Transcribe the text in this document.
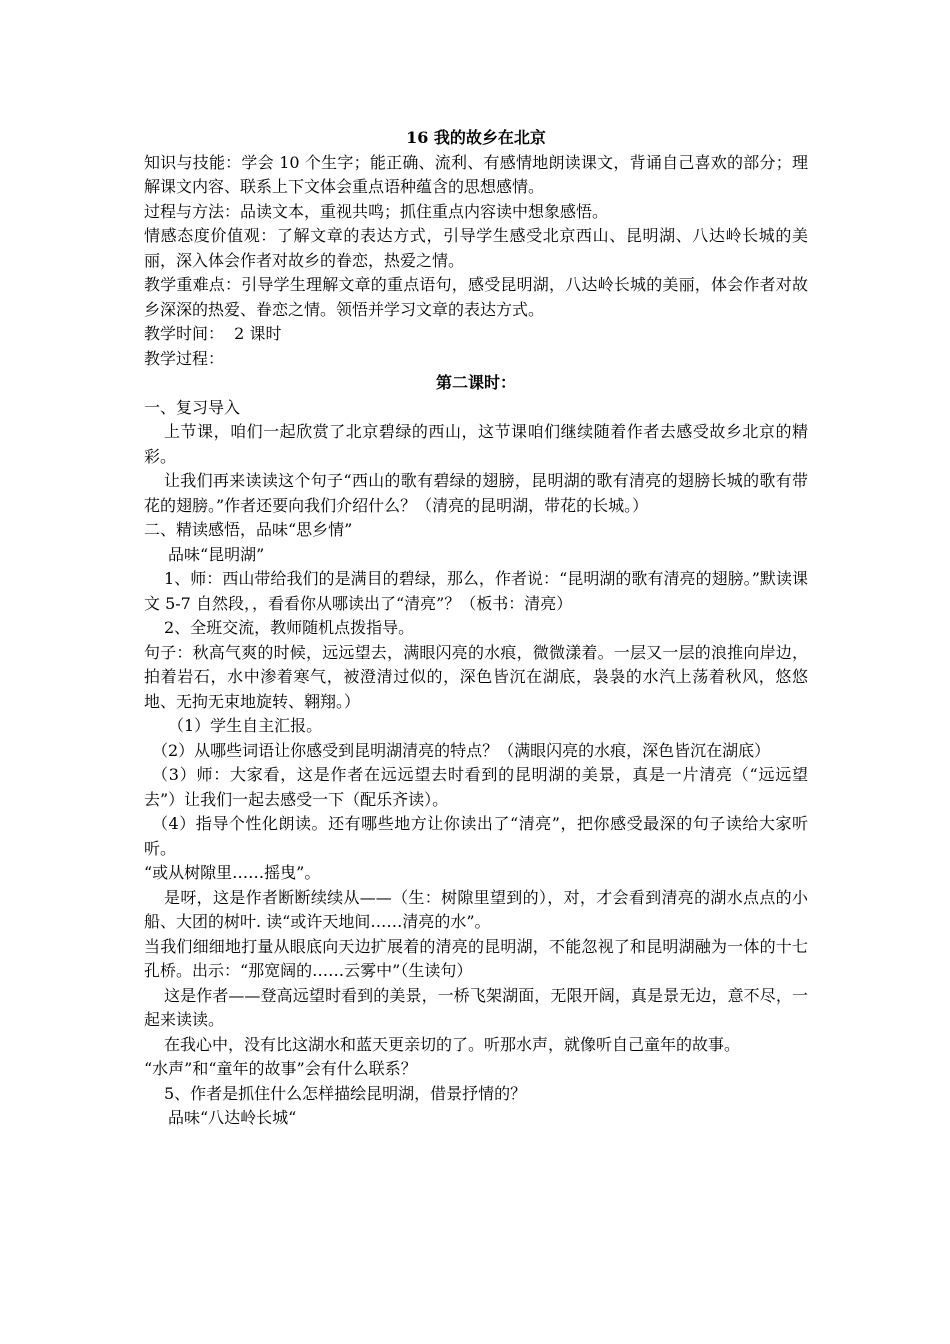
16 我的故乡在北京

知识与技能：学会 10 个生字；能正确、流利、有感情地朗读课文，背诵自己喜欢的部分；理解课文内容、联系上下文体会重点语种蕴含的思想感情。

过程与方法：品读文本，重视共鸣；抓住重点内容读中想象感悟。

情感态度价值观：了解文章的表达方式，引导学生感受北京西山、昆明湖、八达岭长城的美丽，深入体会作者对故乡的眷恋，热爱之情。

教学重难点：引导学生理解文章的重点语句，感受昆明湖，八达岭长城的美丽，体会作者对故乡深深的热爱、眷恋之情。领悟并学习文章的表达方式。

教学时间：  2 课时

教学过程：

第二课时：

一、复习导入

上节课，咱们一起欣赏了北京碧绿的西山，这节课咱们继续随着作者去感受故乡北京的精彩。

让我们再来读读这个句子“西山的歌有碧绿的翅膀，昆明湖的歌有清亮的翅膀长城的歌有带花的翅膀。”作者还要向我们介绍什么？（清亮的昆明湖，带花的长城。）

二、精读感悟，品味“思乡情”

品味“昆明湖”

1、师：西山带给我们的是满目的碧绿，那么，作者说：“昆明湖的歌有清亮的翅膀。”默读课文 5-7 自然段，，看看你从哪读出了“清亮”？（板书：清亮）

2、全班交流，教师随机点拨指导。

句子：秋高气爽的时候，远远望去，满眼闪亮的水痕，微微漾着。一层又一层的浪推向岸边，拍着岩石，水中渗着寒气，被澄清过似的，深色皆沉在湖底，袅袅的水汽上荡着秋风，悠悠地、无拘无束地旋转、翱翔。）

（1）学生自主汇报。

（2）从哪些词语让你感受到昆明湖清亮的特点？（满眼闪亮的水痕，深色皆沉在湖底）

（3）师：大家看，这是作者在远远望去时看到的昆明湖的美景，真是一片清亮（“远远望去”）让我们一起去感受一下（配乐齐读）。

（4）指导个性化朗读。还有哪些地方让你读出了“清亮”，把你感受最深的句子读给大家听听。

“或从树隙里……摇曳”。

是呀，这是作者断断续续从——（生：树隙里望到的），对，才会看到清亮的湖水点点的小船、大团的树叶. 读“或许天地间……清亮的水”。

当我们细细地打量从眼底向天边扩展着的清亮的昆明湖，不能忽视了和昆明湖融为一体的十七孔桥。出示：“那宽阔的……云雾中”（生读句）

这是作者——登高远望时看到的美景，一桥飞架湖面，无限开阔，真是景无边，意不尽，一起来读读。

在我心中，没有比这湖水和蓝天更亲切的了。听那水声，就像听自己童年的故事。

“水声”和“童年的故事”会有什么联系？

5、作者是抓住什么怎样描绘昆明湖，借景抒情的？

品味“八达岭长城“
